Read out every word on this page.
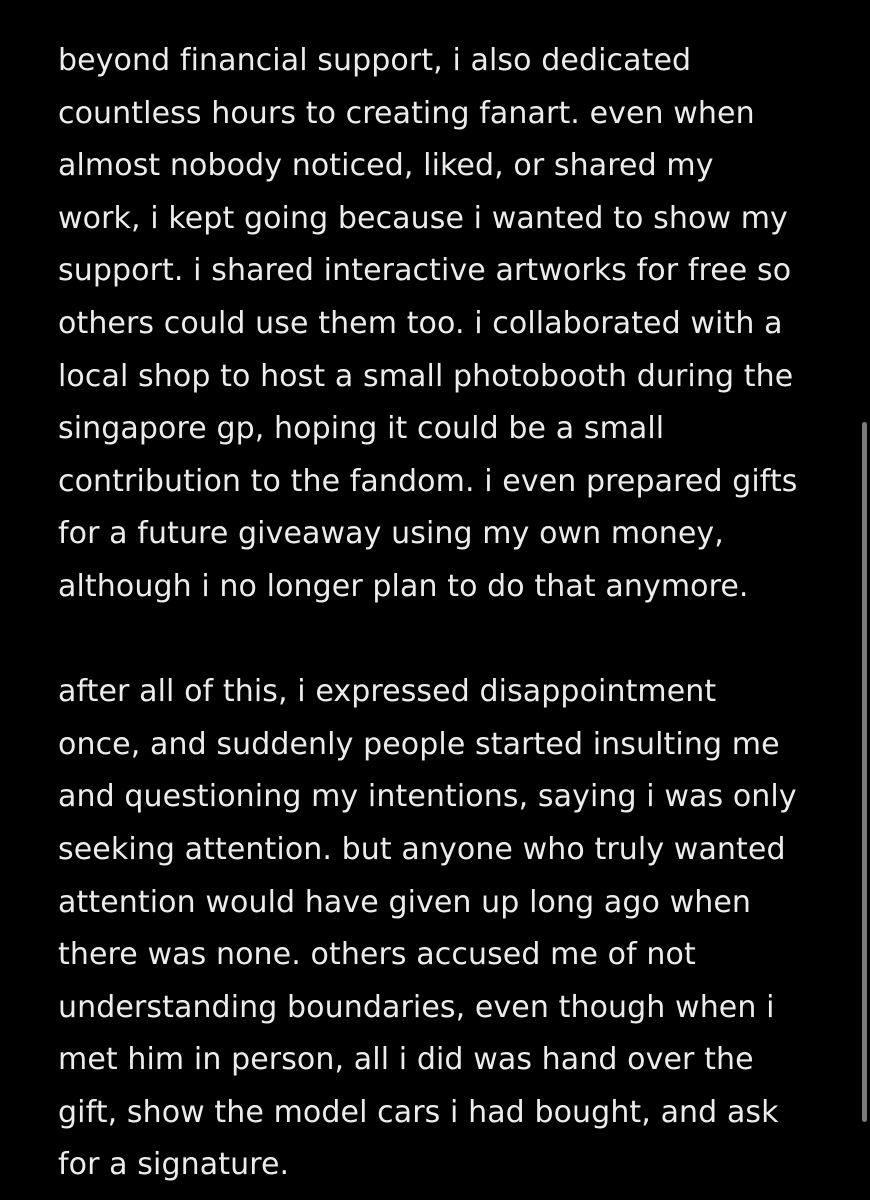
beyond financial support, i also dedicated
countless hours to creating fanart. even when
almost nobody noticed, liked, or shared my
work, i kept going because i wanted to show my
support. i shared interactive artworks for free so
others could use them too. i collaborated with a
local shop to host a small photobooth during the
singapore gp, hoping it could be a small
contribution to the fandom. i even prepared gifts
for a future giveaway using my own money,
although i no longer plan to do that anymore.
after all of this, i expressed disappointment
once, and suddenly people started insulting me
and questioning my intentions, saying i was only
seeking attention. but anyone who truly wanted
attention would have given up long ago when
there was none. others accused me of not
understanding boundaries, even though when i
met him in person, all i did was hand over the
gift, show the model cars i had bought, and ask
for a signature.
